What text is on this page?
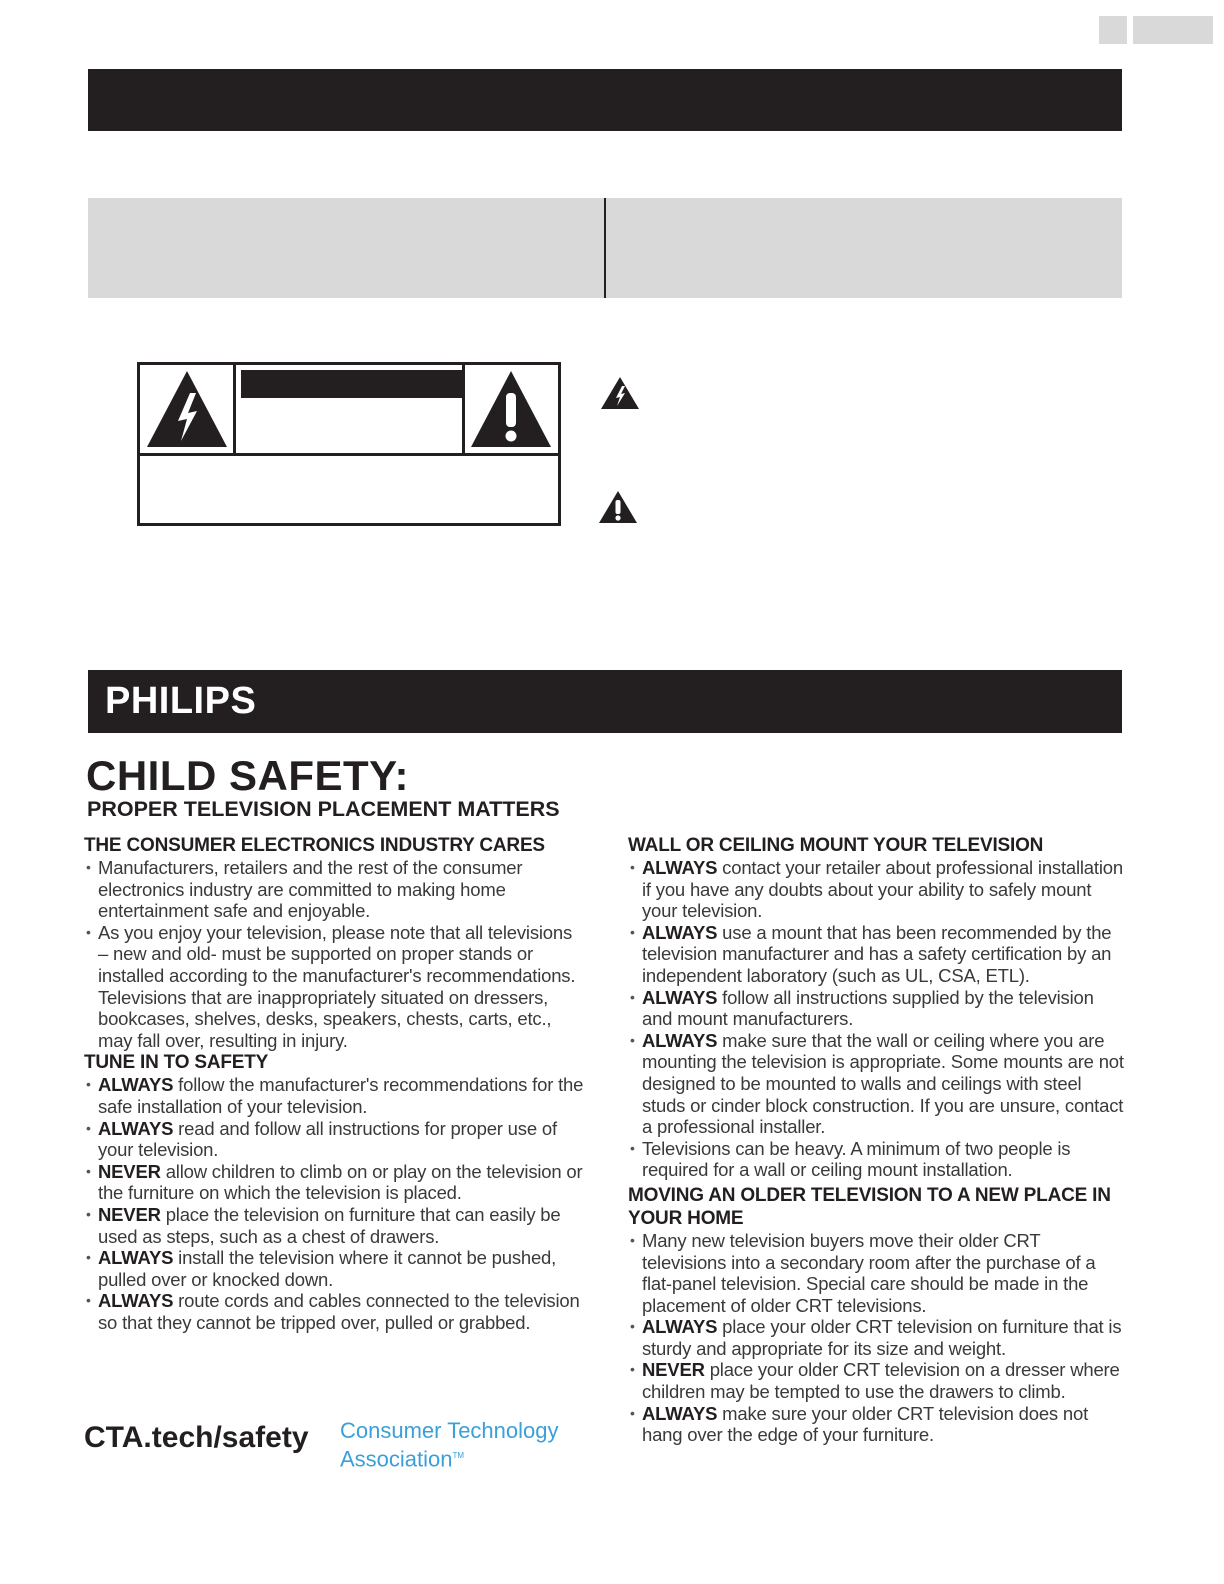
PHILIPS
CHILD SAFETY:
PROPER TELEVISION PLACEMENT MATTERS
THE CONSUMER ELECTRONICS INDUSTRY CARES
• Manufacturers, retailers and the rest of the consumer electronics industry are committed to making home entertainment safe and enjoyable.
• As you enjoy your television, please note that all televisions – new and old- must be supported on proper stands or installed according to the manufacturer's recommendations. Televisions that are inappropriately situated on dressers, bookcases, shelves, desks, speakers, chests, carts, etc., may fall over, resulting in injury.
TUNE IN TO SAFETY
• ALWAYS follow the manufacturer's recommendations for the safe installation of your television.
• ALWAYS read and follow all instructions for proper use of your television.
• NEVER allow children to climb on or play on the television or the furniture on which the television is placed.
• NEVER place the television on furniture that can easily be used as steps, such as a chest of drawers.
• ALWAYS install the television where it cannot be pushed, pulled over or knocked down.
• ALWAYS route cords and cables connected to the television so that they cannot be tripped over, pulled or grabbed.
WALL OR CEILING MOUNT YOUR TELEVISION
• ALWAYS contact your retailer about professional installation if you have any doubts about your ability to safely mount your television.
• ALWAYS use a mount that has been recommended by the television manufacturer and has a safety certification by an independent laboratory (such as UL, CSA, ETL).
• ALWAYS follow all instructions supplied by the television and mount manufacturers.
• ALWAYS make sure that the wall or ceiling where you are mounting the television is appropriate. Some mounts are not designed to be mounted to walls and ceilings with steel studs or cinder block construction. If you are unsure, contact a professional installer.
• Televisions can be heavy. A minimum of two people is required for a wall or ceiling mount installation.
MOVING AN OLDER TELEVISION TO A NEW PLACE IN YOUR HOME
• Many new television buyers move their older CRT televisions into a secondary room after the purchase of a flat-panel television. Special care should be made in the placement of older CRT televisions.
• ALWAYS place your older CRT television on furniture that is sturdy and appropriate for its size and weight.
• NEVER place your older CRT television on a dresser where children may be tempted to use the drawers to climb.
• ALWAYS make sure your older CRT television does not hang over the edge of your furniture.
CTA.tech/safety Consumer Technology
Association™
